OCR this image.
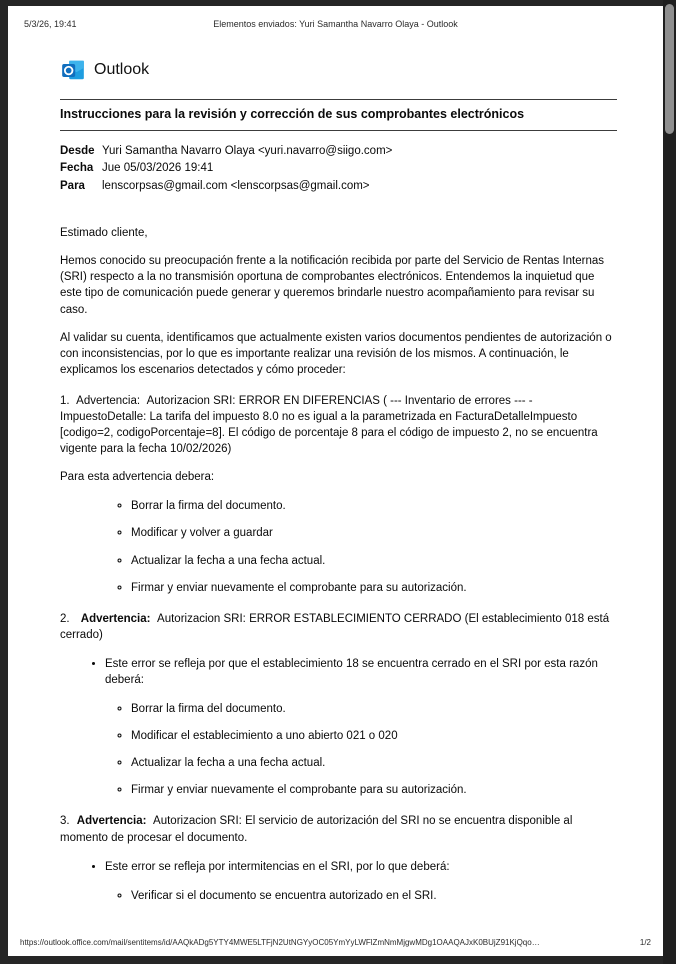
5/3/26, 19:41	Elementos enviados: Yuri Samantha Navarro Olaya - Outlook
Outlook
Instrucciones para la revisión y corrección de sus comprobantes electrónicos
Desde Yuri Samantha Navarro Olaya <yuri.navarro@siigo.com>
Fecha Jue 05/03/2026 19:41
Para	lenscorpsas@gmail.com <lenscorpsas@gmail.com>

Estimado cliente,

Hemos conocido su preocupación frente a la notificación recibida por parte del Servicio de Rentas Internas (SRI) respecto a la no transmisión oportuna de comprobantes electrónicos. Entendemos la inquietud que este tipo de comunicación puede generar y queremos brindarle nuestro acompañamiento para revisar su caso.

Al validar su cuenta, identificamos que actualmente existen varios documentos pendientes de autorización o con inconsistencias, por lo que es importante realizar una revisión de los mismos. A continuación, le explicamos los escenarios detectados y cómo proceder:

1. Advertencia: Autorizacion SRI: ERROR EN DIFERENCIAS ( --- Inventario de errores --- - ImpuestoDetalle: La tarifa del impuesto 8.0 no es igual a la parametrizada en FacturaDetalleImpuesto [codigo=2, codigoPorcentaje=8]. El código de porcentaje 8 para el código de impuesto 2, no se encuentra vigente para la fecha 10/02/2026)

Para esta advertencia debera:

◦ Borrar la firma del documento.
◦ Modificar y volver a guardar
◦ Actualizar la fecha a una fecha actual.
◦ Firmar y enviar nuevamente el comprobante para su autorización.

2. Advertencia: Autorizacion SRI: ERROR ESTABLECIMIENTO CERRADO (El establecimiento 018 está cerrado)

• Este error se refleja por que el establecimiento 18 se encuentra cerrado en el SRI por esta razón deberá:
◦ Borrar la firma del documento.
◦ Modificar el establecimiento a uno abierto 021 o 020
◦ Actualizar la fecha a una fecha actual.
◦ Firmar y enviar nuevamente el comprobante para su autorización.

3. Advertencia: Autorizacion SRI: El servicio de autorización del SRI no se encuentra disponible al momento de procesar el documento.

• Este error se refleja por intermitencias en el SRI, por lo que deberá:
◦ Verificar si el documento se encuentra autorizado en el SRI.
https://outlook.office.com/mail/sentitems/id/AAQkADg5YTY4MWE5LTFjN2UtNGYyOC05YmYyLWFlZmNmMjgwMDg1OAAQAJxK0BUjZ91KjQqo…	1/2
